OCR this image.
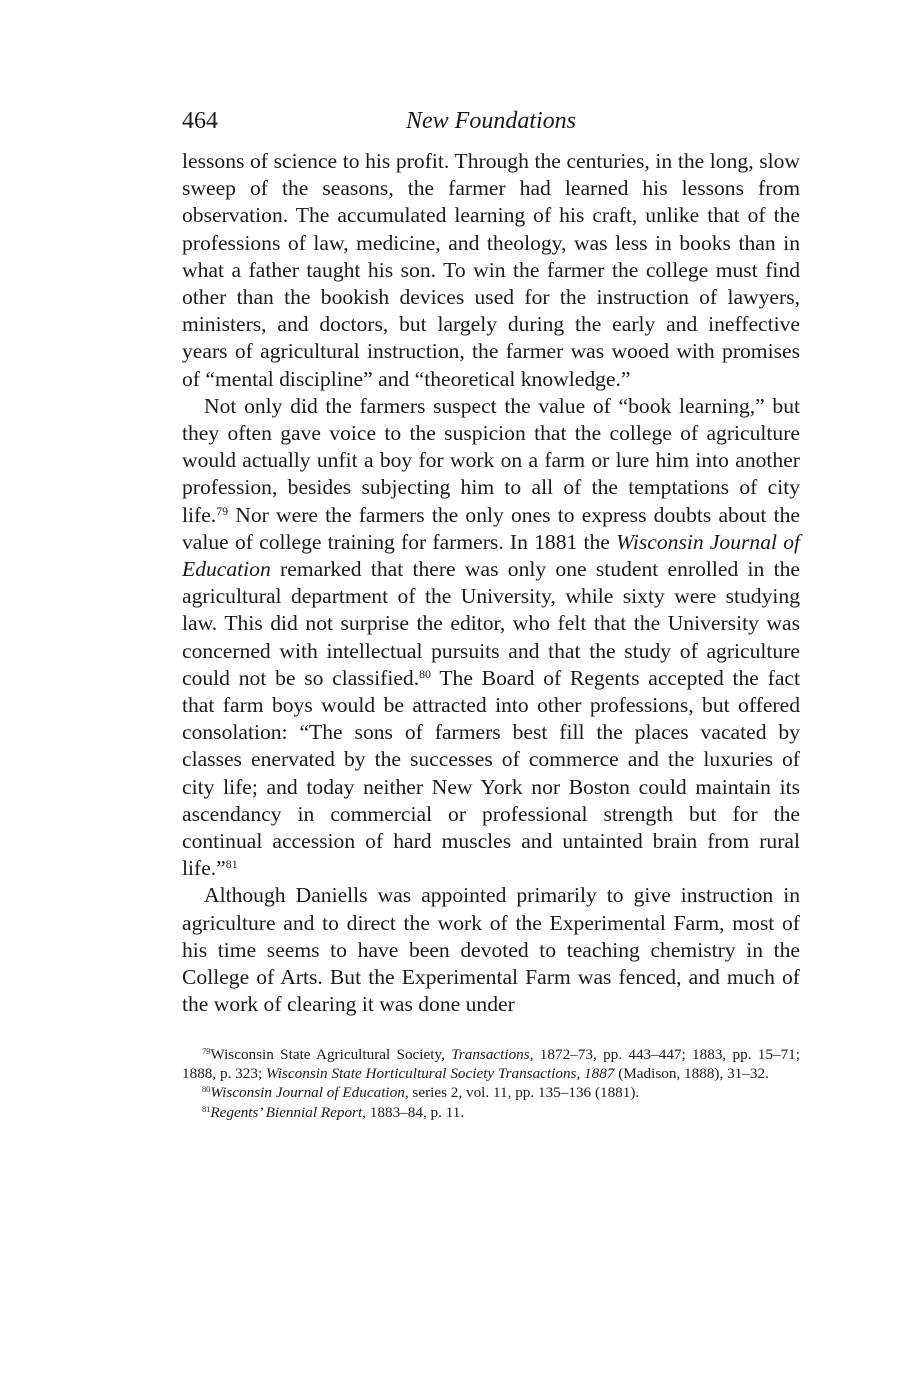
464	New Foundations

lessons of science to his profit. Through the centuries, in the long, slow sweep of the seasons, the farmer had learned his lessons from observation. The accumulated learning of his craft, unlike that of the professions of law, medicine, and theology, was less in books than in what a father taught his son. To win the farmer the college must find other than the bookish devices used for the instruction of lawyers, ministers, and doctors, but largely during the early and ineffective years of agricultural instruction, the farmer was wooed with promises of “mental discipline” and “theoretical knowledge.”

Not only did the farmers suspect the value of “book learning,” but they often gave voice to the suspicion that the college of agriculture would actually unfit a boy for work on a farm or lure him into another profession, besides subjecting him to all of the temptations of city life.$^{79}$ Nor were the farmers the only ones to express doubts about the value of college training for farmers. In 1881 the Wisconsin Journal of Education remarked that there was only one student enrolled in the agricultural department of the University, while sixty were studying law. This did not surprise the editor, who felt that the University was concerned with intellectual pursuits and that the study of agriculture could not be so classified.$^{80}$ The Board of Regents accepted the fact that farm boys would be attracted into other professions, but offered consolation: “The sons of farmers best fill the places vacated by classes enervated by the successes of commerce and the luxuries of city life; and today neither New York nor Boston could maintain its ascendancy in commercial or professional strength but for the continual accession of hard muscles and untainted brain from rural life.”$^{81}$

Although Daniells was appointed primarily to give instruction in agriculture and to direct the work of the Experimental Farm, most of his time seems to have been devoted to teaching chemistry in the College of Arts. But the Experimental Farm was fenced, and much of the work of clearing it was done under

$^{79}$Wisconsin State Agricultural Society, Transactions, 1872–73, pp. 443–447; 1883, pp. 15–71; 1888, p. 323; Wisconsin State Horticultural Society Transactions, 1887 (Madison, 1888), 31–32.

$^{80}$Wisconsin Journal of Education, series 2, vol. 11, pp. 135–136 (1881).

$^{81}$Regents’ Biennial Report, 1883–84, p. 11.
